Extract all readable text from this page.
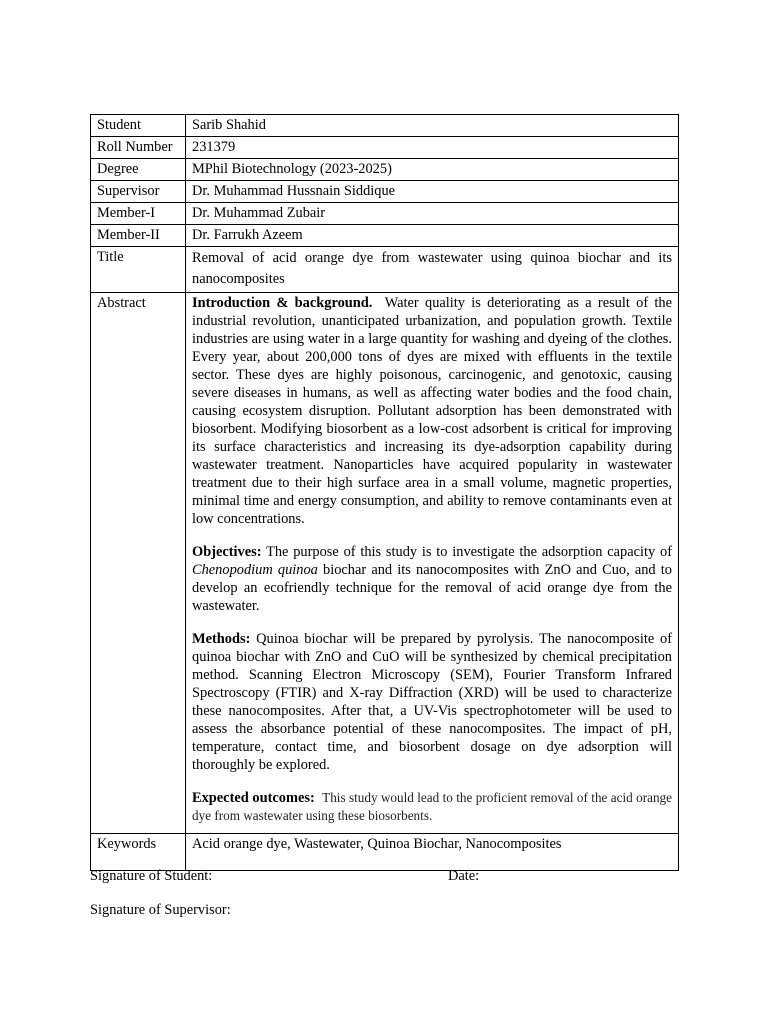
Student	Sarib Shahid
Roll Number	231379
Degree	MPhil Biotechnology (2023-2025)
Supervisor	Dr. Muhammad Hussnain Siddique
Member-I	Dr. Muhammad Zubair
Member-II	Dr. Farrukh Azeem
Title	Removal of acid orange dye from wastewater using quinoa biochar and its nanocomposites
Abstract	Introduction & background. Water quality is deteriorating as a result of the industrial revolution, unanticipated urbanization, and population growth. Textile industries are using water in a large quantity for washing and dyeing of the clothes. Every year, about 200,000 tons of dyes are mixed with effluents in the textile sector. These dyes are highly poisonous, carcinogenic, and genotoxic, causing severe diseases in humans, as well as affecting water bodies and the food chain, causing ecosystem disruption. Pollutant adsorption has been demonstrated with biosorbent. Modifying biosorbent as a low-cost adsorbent is critical for improving its surface characteristics and increasing its dye-adsorption capability during wastewater treatment. Nanoparticles have acquired popularity in wastewater treatment due to their high surface area in a small volume, magnetic properties, minimal time and energy consumption, and ability to remove contaminants even at low concentrations.

Objectives: The purpose of this study is to investigate the adsorption capacity of Chenopodium quinoa biochar and its nanocomposites with ZnO and Cuo, and to develop an ecofriendly technique for the removal of acid orange dye from the wastewater.

Methods: Quinoa biochar will be prepared by pyrolysis. The nanocomposite of quinoa biochar with ZnO and CuO will be synthesized by chemical precipitation method. Scanning Electron Microscopy (SEM), Fourier Transform Infrared Spectroscopy (FTIR) and X-ray Diffraction (XRD) will be used to characterize these nanocomposites. After that, a UV-Vis spectrophotometer will be used to assess the absorbance potential of these nanocomposites. The impact of pH, temperature, contact time, and biosorbent dosage on dye adsorption will thoroughly be explored.

Expected outcomes: This study would lead to the proficient removal of the acid orange dye from wastewater using these biosorbents.

Keywords	Acid orange dye, Wastewater, Quinoa Biochar, Nanocomposites
Signature of Student:	Date:
Signature of Supervisor:
